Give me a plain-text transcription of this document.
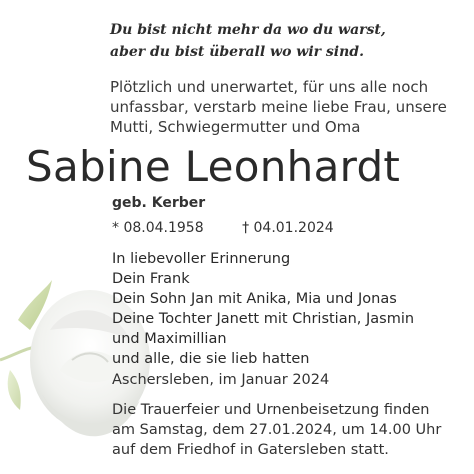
Du bist nicht mehr da wo du warst,
aber du bist überall wo wir sind.
Plötzlich und unerwartet, für uns alle noch
unfassbar, verstarb meine liebe Frau, unsere
Mutti, Schwiegermutter und Oma
Sabine Leonhardt
geb. Kerber
* 08.04.1958	† 04.01.2024
In liebevoller Erinnerung
Dein Frank
Dein Sohn Jan mit Anika, Mia und Jonas
Deine Tochter Janett mit Christian, Jasmin
und Maximillian
und alle, die sie lieb hatten
Aschersleben, im Januar 2024
Die Trauerfeier und Urnenbeisetzung finden
am Samstag, dem 27.01.2024, um 14.00 Uhr
auf dem Friedhof in Gatersleben statt.
